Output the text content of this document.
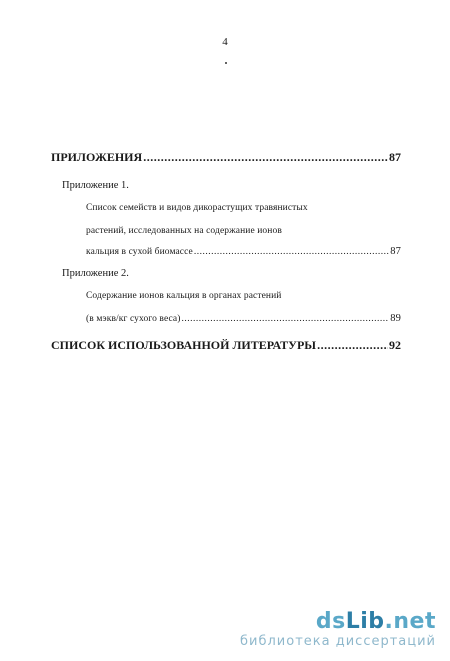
4
ПРИЛОЖЕНИЯ .....	87
Приложение 1.
Список семейств и видов дикорастущих травянистых
растений, исследованных на содержание ионов
кальция в сухой биомассе .....	87
Приложение 2.
Содержание ионов кальция в органах растений
(в мэкв/кг сухого веса) .....	89
СПИСОК ИСПОЛЬЗОВАННОЙ ЛИТЕРАТУРЫ .....	92
dsLib.net
библиотека диссертаций
